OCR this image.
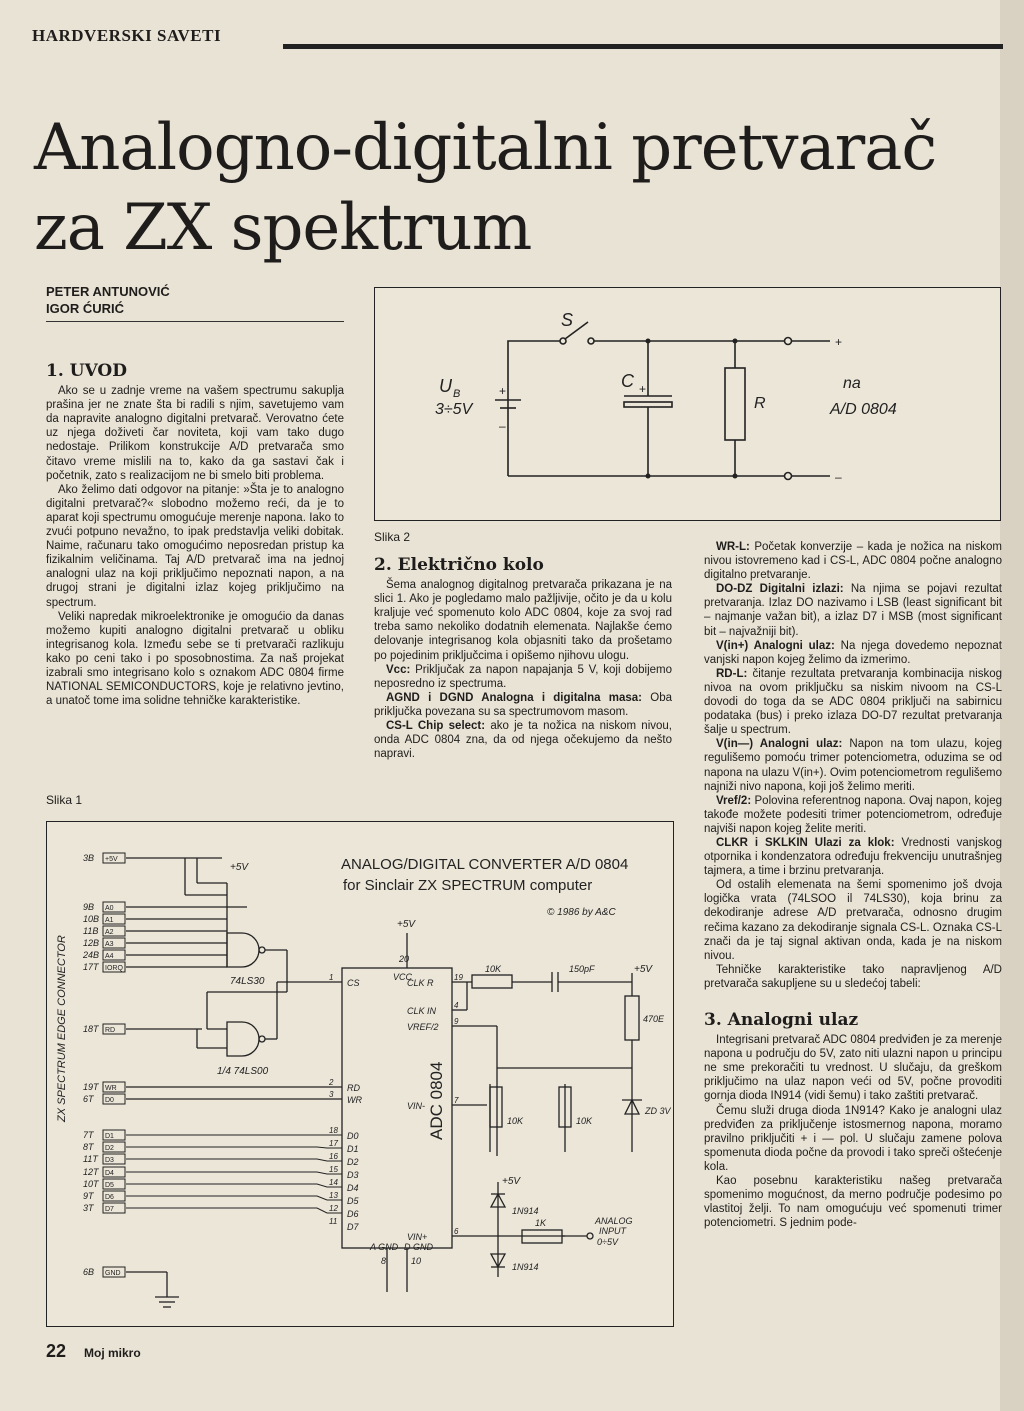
HARDVERSKI SAVETI
Analogno-digitalni pretvarač
za ZX spektrum
PETER ANTUNOVIĆ
IGOR ĆURIĆ
1. UVOD

Ako se u zadnje vreme na vašem spectrumu sakuplja prašina jer ne znate šta bi radili s njim, savetujemo vam da napravite analogno digitalni pretvarač. Verovatno ćete uz njega doživeti čar noviteta, koji vam tako dugo nedostaje. Prilikom konstrukcije A/D pretvarača smo čitavo vreme mislili na to, kako da ga sastavi čak i početnik, zato s realizacijom ne bi smelo biti problema.

Ako želimo dati odgovor na pitanje: »Šta je to analogno digitalni pretvarač?« slobodno možemo reći, da je to aparat koji spectrumu omogućuje merenje napona. Iako to zvući potpuno nevažno, to ipak predstavlja veliki dobitak. Naime, računaru tako omogućimo neposredan pristup ka fizikalnim veličinama. Taj A/D pretvarač ima na jednoj analogni ulaz na koji priključimo nepoznati napon, a na drugoj strani je digitalni izlaz kojeg priključimo na spectrum.

Veliki napredak mikroelektronike je omogućio da danas možemo kupiti analogno digitalni pretvarač u obliku integrisanog kola. Između sebe se ti pretvarači razlikuju kako po ceni tako i po sposobnostima. Za naš projekat izabrali smo integrisano kolo s oznakom ADC 0804 firme NATIONAL SEMICONDUCTORS, koje je relativno jevtino, a unatoč tome ima solidne tehničke karakteristike.

Slika 1
S
U B
3÷5V
+
–
C +
R
na
A/D 0804
+
–
Slika 2
2. Električno kolo

Šema analognog digitalnog pretvarača prikazana je na slici 1. Ako je pogledamo malo pažljivije, očito je da u kolu kraljuje već spomenuto kolo ADC 0804, koje za svoj rad treba samo nekoliko dodatnih elemenata. Najlakše ćemo delovanje integrisanog kola objasniti tako da prošetamo po pojedinim priključcima i opišemo njihovu ulogu.

Vcc: Priključak za napon napajanja 5 V, koji dobijemo neposredno iz spectruma.

AGND i DGND Analogna i digitalna masa: Oba priključka povezana su sa spectrumovom masom.

CS-L Chip select: ako je ta nožica na niskom nivou, onda ADC 0804 zna, da od njega očekujemo da nešto napravi.

WR-L: Početak konverzije – kada je nožica na niskom nivou istovremeno kad i CS-L, ADC 0804 počne analogno digitalno pretvaranje.

DO-DZ Digitalni izlazi: Na njima se pojavi rezultat pretvaranja. Izlaz DO nazivamo i LSB (least significant bit – najmanje važan bit), a izlaz D7 i MSB (most significant bit – najvažniji bit).

V(in+) Analogni ulaz: Na njega dovedemo nepoznat vanjski napon kojeg želimo da izmerimo.

RD-L: čitanje rezultata pretvaranja kombinacija niskog nivoa na ovom priključku sa niskim nivoom na CS-L dovodi do toga da se ADC 0804 priključi na sabirnicu podataka (bus) i preko izlaza DO-D7 rezultat pretvaranja šalje u spectrum.

V(in—) Analogni ulaz: Napon na tom ulazu, kojeg regulišemo pomoću trimer potenciometra, oduzima se od napona na ulazu V(in+). Ovim potenciometrom regulišemo najniži nivo napona, koji još želimo meriti.

Vref/2: Polovina referentnog napona. Ovaj napon, kojeg takođe možete podesiti trimer potenciometrom, određuje najviši napon kojeg želite meriti.

CLKR i SKLKIN Ulazi za klok: Vrednosti vanjskog otpornika i kondenzatora određuju frekvenciju unutrašnjeg tajmera, a time i brzinu pretvaranja.

Od ostalih elemenata na šemi spomenimo još dvoja logička vrata (74LSOO il 74LS30), koja brinu za dekodiranje adrese A/D pretvarača, odnosno drugim rečima kazano za dekodiranje signala CS-L. Oznaka CS-L znači da je taj signal aktivan onda, kada je na niskom nivou.

Tehničke karakteristike tako napravljenog A/D pretvarača sakupljene su u sledećoj tabeli:

3. Analogni ulaz

Integrisani pretvarač ADC 0804 predviđen je za merenje napona u području do 5V, zato niti ulazni napon u principu ne sme prekoračiti tu vrednost. U slučaju, da greškom priključimo na ulaz napon veći od 5V, počne provoditi gornja dioda IN914 (vidi šemu) i tako zaštiti pretvarač.

Čemu služi druga dioda 1N914? Kako je analogni ulaz predviđen za priključenje istosmernog napona, moramo pravilno priključiti + i — pol. U slučaju zamene polova spomenuta dioda počne da provodi i tako spreči oštećenje kola.

Kao posebnu karakteristiku našeg pretvarača spomenimo mogućnost, da merno područje podesimo po vlastitoj želji. To nam omogućuju već spomenuti trimer potenciometri. S jednim pode-

ZX SPECTRUM EDGE CONNECTOR
ANALOG/DIGITAL CONVERTER A/D 0804
for Sinclair ZX SPECTRUM computer
© 1986 by A&C
3B +5V
9B A0
10B A1
11B A2
12B A3
24B A4
17T IORQ
18T RD
19T WR
6T D0
7T D1
8T D2
11T D3
12T D4
10T D5
9T D6
3T D7
6B GND
1
CS
2
RD
3
WR
18
D0
17
D1
16
D2
15
D3
14
D4
13
D5
12
D6
11
D7
19
CLK R
4
CLK IN
9
VREF/2
7
VIN-
6
VIN+
ADC 0804
74LS30
1/4 74LS00
+5V
+5V
+5V
+5V
VCC
20
A GND D GND
8	10
10K	150pF
470E
ZD 3V
10K	10K
1K
1N914
1N914
ANALOG
INPUT
0÷5V
22 Moj mikro
